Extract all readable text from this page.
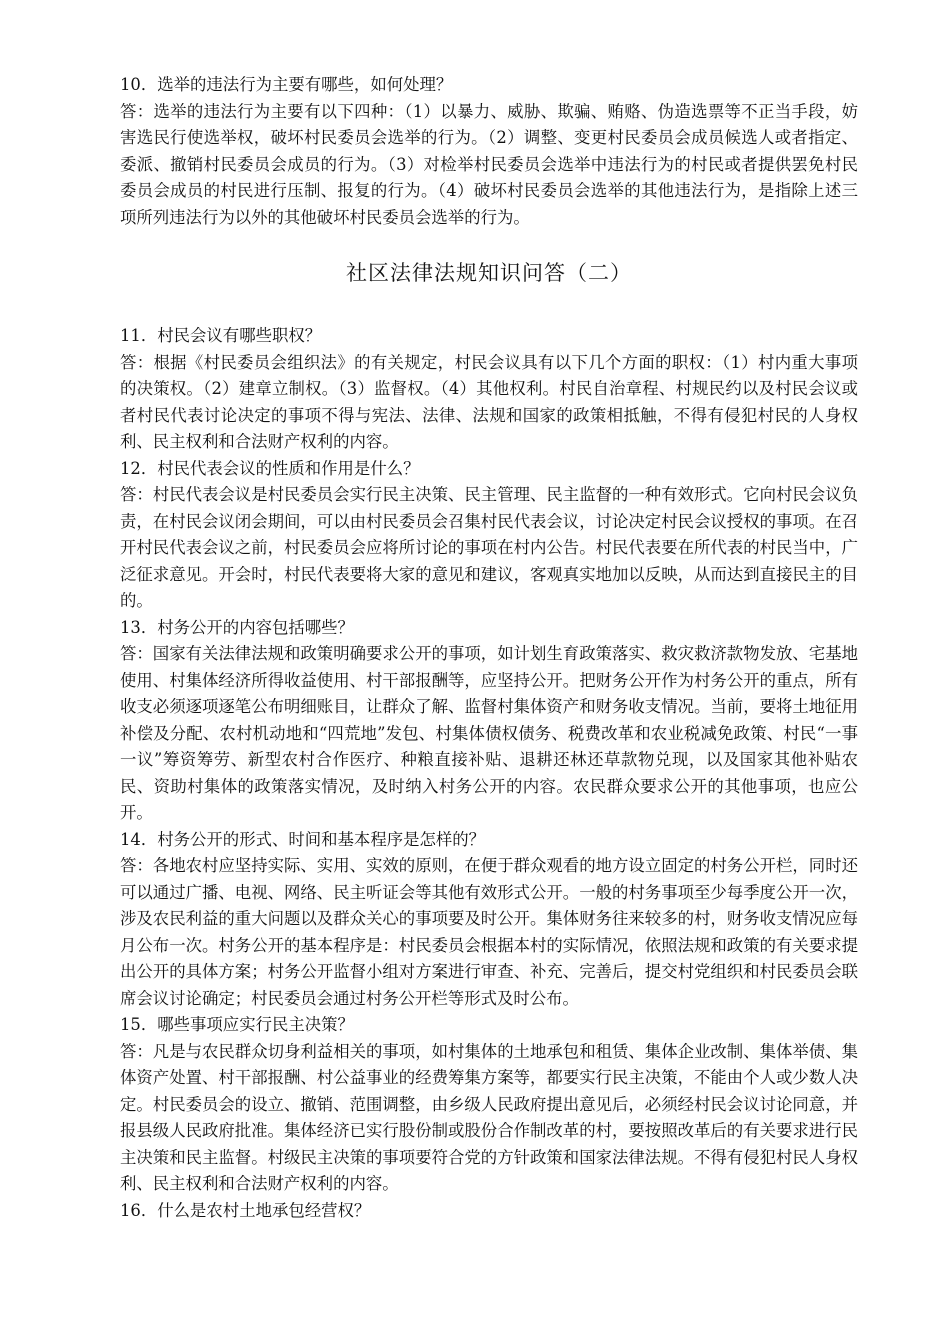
10．选举的违法行为主要有哪些，如何处理？

答：选举的违法行为主要有以下四种：（1）以暴力、威胁、欺骗、贿赂、伪造选票等不正当手段，妨害选民行使选举权，破坏村民委员会选举的行为。（2）调整、变更村民委员会成员候选人或者指定、委派、撤销村民委员会成员的行为。（3）对检举村民委员会选举中违法行为的村民或者提供罢免村民委员会成员的村民进行压制、报复的行为。（4）破坏村民委员会选举的其他违法行为，是指除上述三项所列违法行为以外的其他破坏村民委员会选举的行为。

社区法律法规知识问答（二）

11．村民会议有哪些职权？

答：根据《村民委员会组织法》的有关规定，村民会议具有以下几个方面的职权：（1）村内重大事项的决策权。（2）建章立制权。（3）监督权。（4）其他权利。村民自治章程、村规民约以及村民会议或者村民代表讨论决定的事项不得与宪法、法律、法规和国家的政策相抵触，不得有侵犯村民的人身权利、民主权利和合法财产权利的内容。

12．村民代表会议的性质和作用是什么？

答：村民代表会议是村民委员会实行民主决策、民主管理、民主监督的一种有效形式。它向村民会议负责，在村民会议闭会期间，可以由村民委员会召集村民代表会议，讨论决定村民会议授权的事项。在召开村民代表会议之前，村民委员会应将所讨论的事项在村内公告。村民代表要在所代表的村民当中，广泛征求意见。开会时，村民代表要将大家的意见和建议，客观真实地加以反映，从而达到直接民主的目的。

13．村务公开的内容包括哪些？

答：国家有关法律法规和政策明确要求公开的事项，如计划生育政策落实、救灾救济款物发放、宅基地使用、村集体经济所得收益使用、村干部报酬等，应坚持公开。把财务公开作为村务公开的重点，所有收支必须逐项逐笔公布明细账目，让群众了解、监督村集体资产和财务收支情况。当前，要将土地征用补偿及分配、农村机动地和“四荒地”发包、村集体债权债务、税费改革和农业税减免政策、村民“一事一议”筹资筹劳、新型农村合作医疗、种粮直接补贴、退耕还林还草款物兑现，以及国家其他补贴农民、资助村集体的政策落实情况，及时纳入村务公开的内容。农民群众要求公开的其他事项，也应公开。

14．村务公开的形式、时间和基本程序是怎样的？

答：各地农村应坚持实际、实用、实效的原则，在便于群众观看的地方设立固定的村务公开栏，同时还可以通过广播、电视、网络、民主听证会等其他有效形式公开。一般的村务事项至少每季度公开一次，涉及农民利益的重大问题以及群众关心的事项要及时公开。集体财务往来较多的村，财务收支情况应每月公布一次。村务公开的基本程序是：村民委员会根据本村的实际情况，依照法规和政策的有关要求提出公开的具体方案；村务公开监督小组对方案进行审查、补充、完善后，提交村党组织和村民委员会联席会议讨论确定；村民委员会通过村务公开栏等形式及时公布。

15．哪些事项应实行民主决策？

答：凡是与农民群众切身利益相关的事项，如村集体的土地承包和租赁、集体企业改制、集体举债、集体资产处置、村干部报酬、村公益事业的经费筹集方案等，都要实行民主决策，不能由个人或少数人决定。村民委员会的设立、撤销、范围调整，由乡级人民政府提出意见后，必须经村民会议讨论同意，并报县级人民政府批准。集体经济已实行股份制或股份合作制改革的村，要按照改革后的有关要求进行民主决策和民主监督。村级民主决策的事项要符合党的方针政策和国家法律法规。不得有侵犯村民人身权利、民主权利和合法财产权利的内容。

16．什么是农村土地承包经营权？
